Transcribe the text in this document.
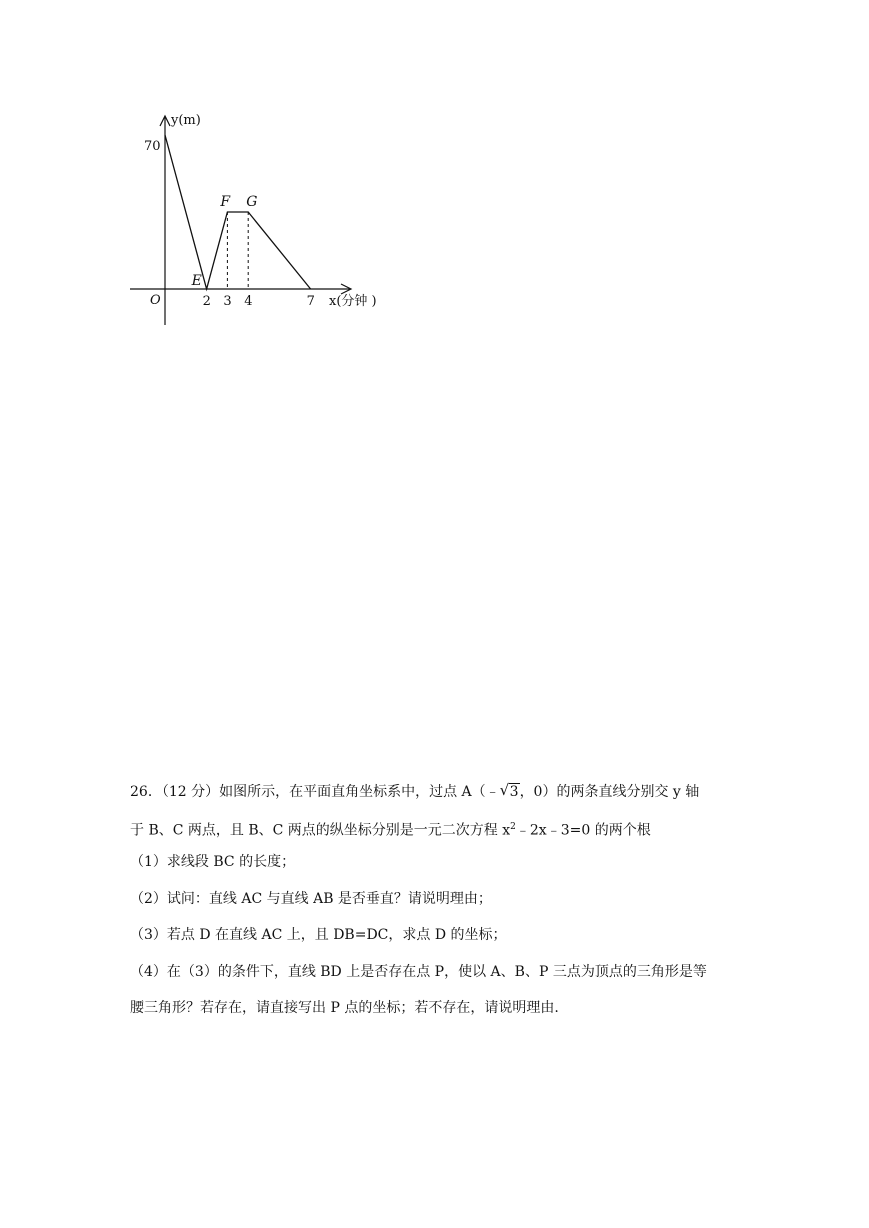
2 3 4	7
E
F G
y(m)
x(分钟 )
O
70
26．（12 分）如图所示，在平面直角坐标系中，过点 A（﹣ √ 3，0）的两条直线分别交 y 轴
于 B、C 两点，且 B、C 两点的纵坐标分别是一元二次方程 $x^2﹣2x﹣3=0$ 的两个根
（1）求线段 BC 的长度；
（2）试问：直线 AC 与直线 AB 是否垂直？请说明理由；
（3）若点 D 在直线 AC 上，且 DB=DC，求点 D 的坐标；
（4）在（3）的条件下，直线 BD 上是否存在点 P，使以 A、B、P 三点为顶点的三角形是等
腰三角形？若存在，请直接写出 P 点的坐标；若不存在，请说明理由.
